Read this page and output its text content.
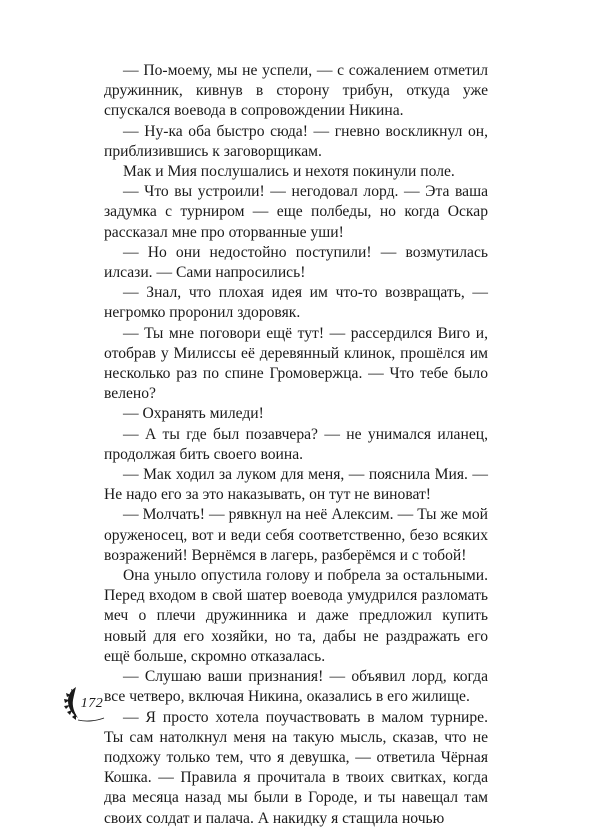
— По-моему, мы не успели, — с сожалением отметил дружинник, кивнув в сторону трибун, откуда уже спускался воевода в сопровождении Никина.

— Ну-ка оба быстро сюда! — гневно воскликнул он, приблизившись к заговорщикам.

Мак и Мия послушались и нехотя покинули поле.

— Что вы устроили! — негодовал лорд. — Эта ваша задумка с турниром — еще полбеды, но когда Оскар рассказал мне про оторванные уши!

— Но они недостойно поступили! — возмутилась илсази. — Сами напросились!

— Знал, что плохая идея им что-то возвращать, — негромко проронил здоровяк.

— Ты мне поговори ещё тут! — рассердился Виго и, отобрав у Милиссы её деревянный клинок, прошёлся им несколько раз по спине Громовержца. — Что тебе было велено?

— Охранять миледи!

— А ты где был позавчера? — не унимался иланец, продолжая бить своего воина.

— Мак ходил за луком для меня, — пояснила Мия. — Не надо его за это наказывать, он тут не виноват!

— Молчать! — рявкнул на неё Алексим. — Ты же мой оруженосец, вот и веди себя соответственно, безо всяких возражений! Вернёмся в лагерь, разберёмся и с тобой!

Она уныло опустила голову и побрела за остальными. Перед входом в свой шатер воевода умудрился разломать меч о плечи дружинника и даже предложил купить новый для его хозяйки, но та, дабы не раздражать его ещё больше, скромно отказалась.

— Слушаю ваши признания! — объявил лорд, когда все четверо, включая Никина, оказались в его жилище.

— Я просто хотела поучаствовать в малом турнире. Ты сам натолкнул меня на такую мысль, сказав, что не подхожу только тем, что я девушка, — ответила Чёрная Кошка. — Правила я прочитала в твоих свитках, когда два месяца назад мы были в Городе, и ты навещал там своих солдат и палача. А накидку я стащила ночью

172
